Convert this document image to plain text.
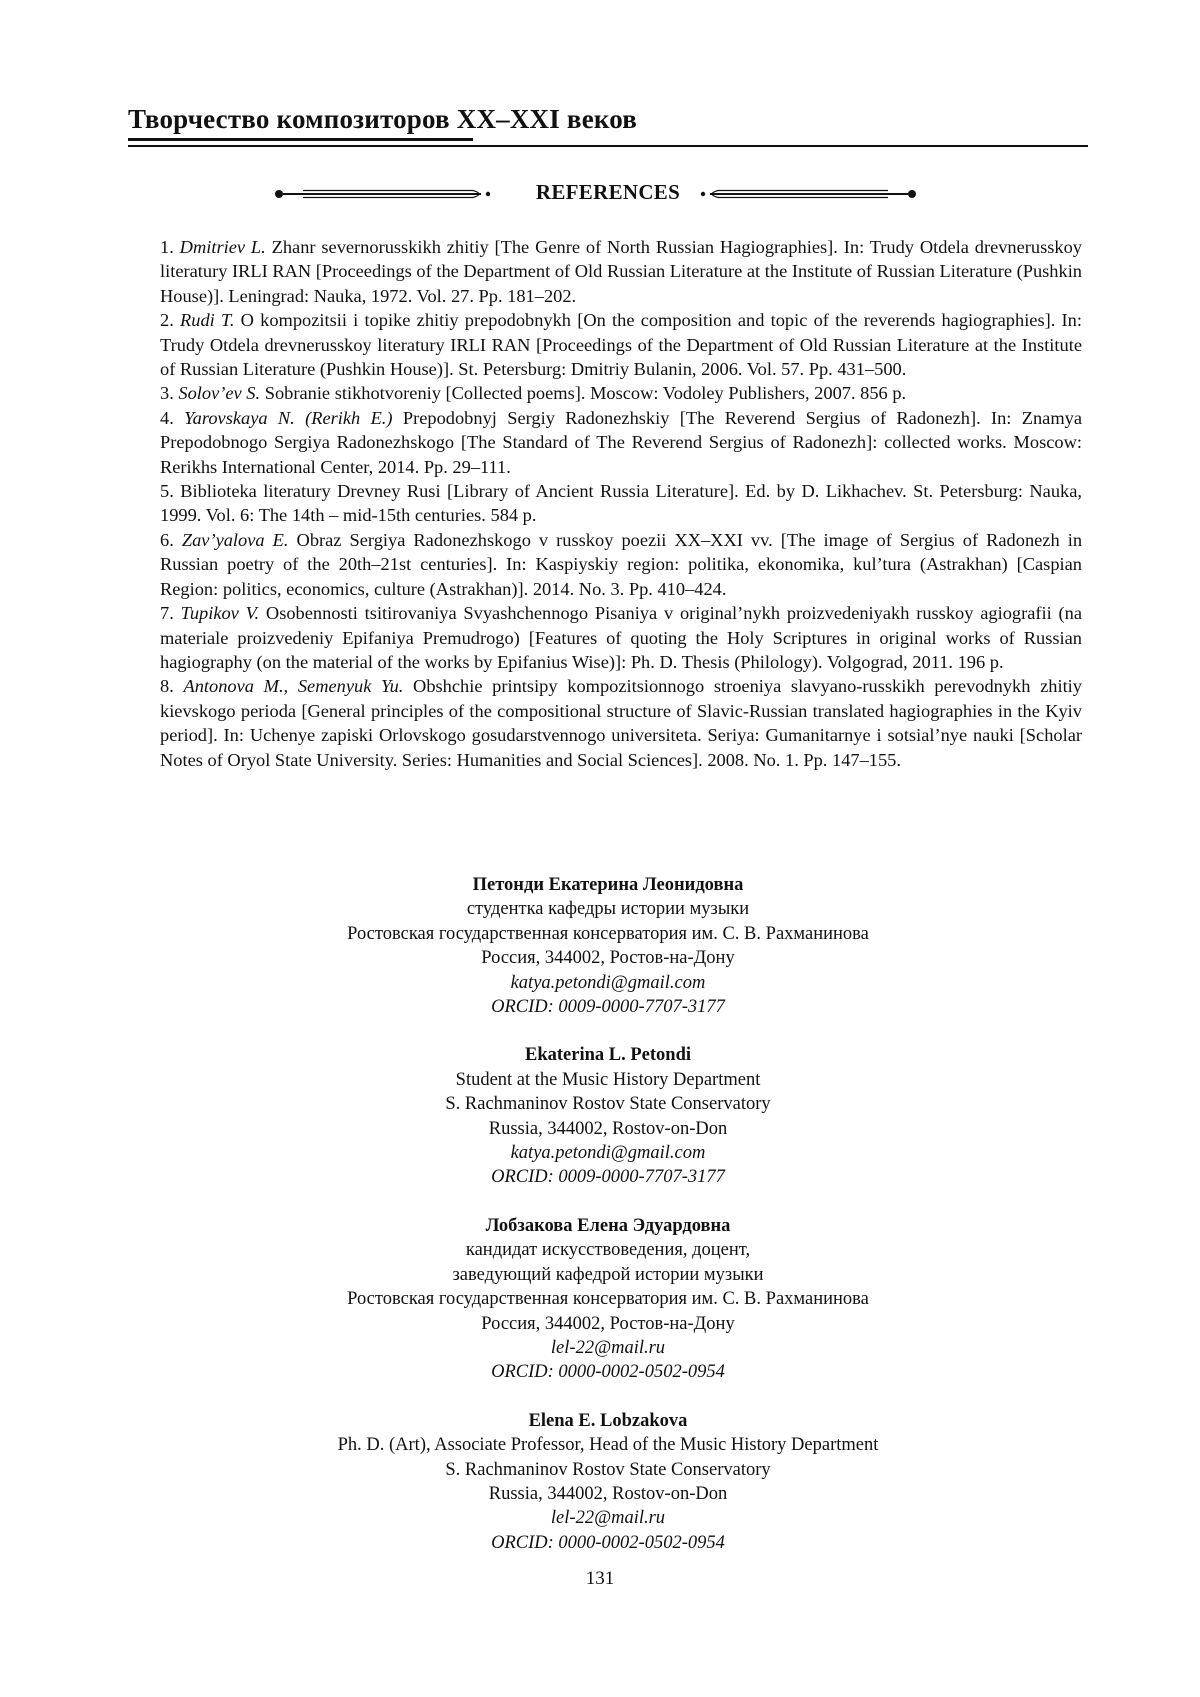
Творчество композиторов XX–XXI веков
REFERENCES

1. Dmitriev L. Zhanr severnorusskikh zhitiy [The Genre of North Russian Hagiographies]. In: Trudy Otdela drevnerusskoy literatury IRLI RAN [Proceedings of the Department of Old Russian Literature at the Institute of Russian Literature (Pushkin House)]. Leningrad: Nauka, 1972. Vol. 27. Pp. 181–202.

2. Rudi T. O kompozitsii i topike zhitiy prepodobnykh [On the composition and topic of the reverends hagiographies]. In: Trudy Otdela drevnerusskoy literatury IRLI RAN [Proceedings of the Department of Old Russian Literature at the Institute of Russian Literature (Pushkin House)]. St. Petersburg: Dmitriy Bulanin, 2006. Vol. 57. Pp. 431–500.

3. Solov’ev S. Sobranie stikhotvoreniy [Collected poems]. Moscow: Vodoley Publishers, 2007. 856 p.

4. Yarovskaya N. (Rerikh E.) Prepodobnyj Sergiy Radonezhskiy [The Reverend Sergius of Radonezh]. In: Znamya Prepodobnogo Sergiya Radonezhskogo [The Standard of The Reverend Sergius of Radonezh]: collected works. Moscow: Rerikhs International Center, 2014. Pp. 29–111.

5. Biblioteka literatury Drevney Rusi [Library of Ancient Russia Literature]. Ed. by D. Likhachev. St. Petersburg: Nauka, 1999. Vol. 6: The 14th – mid-15th centuries. 584 p.

6. Zav’yalova E. Obraz Sergiya Radonezhskogo v russkoy poezii XX–XXI vv. [The image of Sergius of Radonezh in Russian poetry of the 20th–21st centuries]. In: Kaspiyskiy region: politika, ekonomika, kul’tura (Astrakhan) [Caspian Region: politics, economics, culture (Astrakhan)]. 2014. No. 3. Pp. 410–424.

7. Tupikov V. Osobennosti tsitirovaniya Svyashchennogo Pisaniya v original’nykh proizvedeniyakh russkoy agiografii (na materiale proizvedeniy Epifaniya Premudrogo) [Features of quoting the Holy Scriptures in original works of Russian hagiography (on the material of the works by Epifanius Wise)]: Ph. D. Thesis (Philology). Volgograd, 2011. 196 p.

8. Antonova M., Semenyuk Yu. Obshchie printsipy kompozitsionnogo stroeniya slavyano-russkikh perevodnykh zhitiy kievskogo perioda [General principles of the compositional structure of Slavic-Russian translated hagiographies in the Kyiv period]. In: Uchenye zapiski Orlovskogo gosudarstvennogo universiteta. Seriya: Gumanitarnye i sotsial’nye nauki [Scholar Notes of Oryol State University. Series: Humanities and Social Sciences]. 2008. No. 1. Pp. 147–155.

Петонди Екатерина Леонидовна
студентка кафедры истории музыки
Ростовская государственная консерватория им. С. В. Рахманинова
Россия, 344002, Ростов-на-Дону
katya.petondi@gmail.com
ORCID: 0009-0000-7707-3177
Ekaterina L. Petondi
Student at the Music History Department
S. Rachmaninov Rostov State Conservatory
Russia, 344002, Rostov-on-Don
katya.petondi@gmail.com
ORCID: 0009-0000-7707-3177
Лобзакова Елена Эдуардовна
кандидат искусствоведения, доцент,
заведующий кафедрой истории музыки
Ростовская государственная консерватория им. С. В. Рахманинова
Россия, 344002, Ростов-на-Дону
lel-22@mail.ru
ORCID: 0000-0002-0502-0954
Elena E. Lobzakova
Ph. D. (Art), Associate Professor, Head of the Music History Department
S. Rachmaninov Rostov State Conservatory
Russia, 344002, Rostov-on-Don
lel-22@mail.ru
ORCID: 0000-0002-0502-0954
131
